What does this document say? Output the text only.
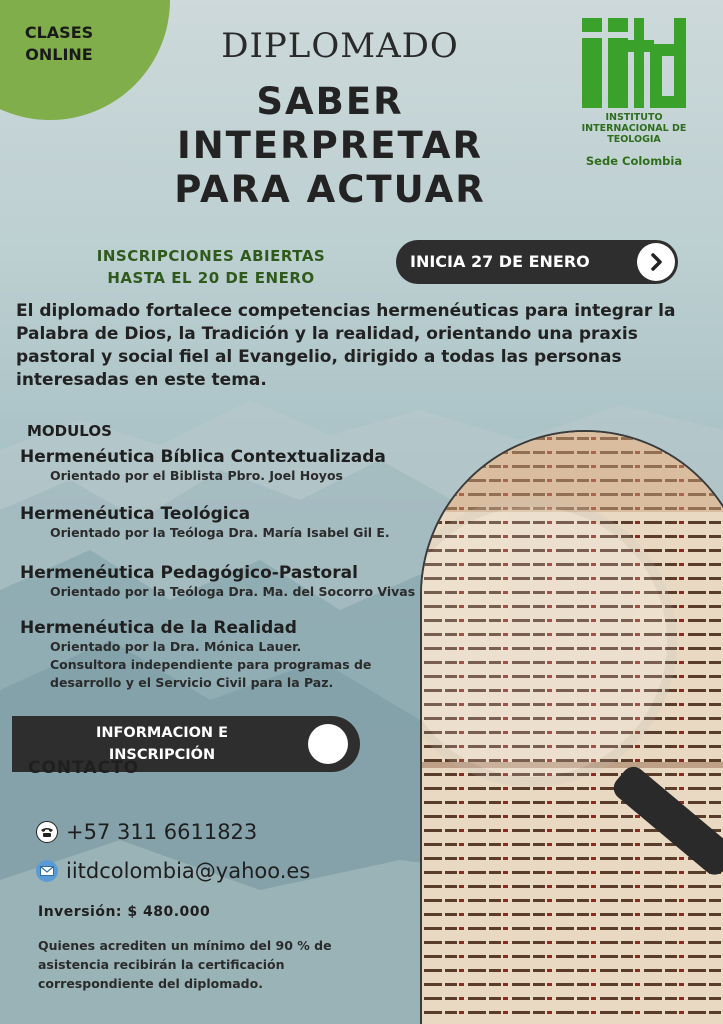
CLASES ONLINE	DIPLOMADO
SABER
INTERPRETAR
PARA ACTUAR
INSTITUTO INTERNACIONAL DE TEOLOGIA
Sede Colombia
INSCRIPCIONES ABIERTAS
HASTA EL 20 DE ENERO
INICIA 27 DE ENERO
El diplomado fortalece competencias hermenéuticas para integrar la Palabra de Dios, la Tradición y la realidad, orientando una praxis pastoral y social fiel al Evangelio, dirigido a todas las personas interesadas en este tema.
MODULOS
Hermenéutica Bíblica Contextualizada
Orientado por el Biblista Pbro. Joel Hoyos
Hermenéutica Teológica
Orientado por la Teóloga Dra. María Isabel Gil E.
Hermenéutica Pedagógico-Pastoral
Orientado por la Teóloga Dra. Ma. del Socorro Vivas
Hermenéutica de la Realidad
Orientado por la Dra. Mónica Lauer.
Consultora independiente para programas de
desarrollo y el Servicio Civil para la Paz.
INFORMACION E
INSCRIPCIÓN
CONTACTO
+57 311 6611823
iitdcolombia@yahoo.es
Inversión: $ 480.000
Quienes acrediten un mínimo del 90 % de asistencia recibirán la certificación correspondiente del diplomado.
